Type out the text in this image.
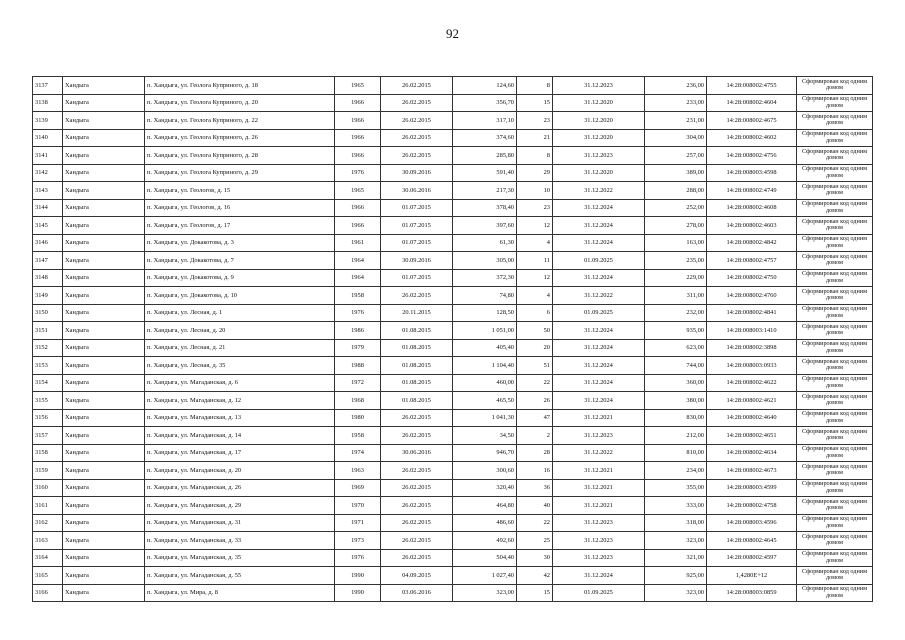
92
3137	Хандыга	п. Хандыга, ул. Геолога Куприного, д. 18	1965	26.02.2015	124,60	8	31.12.2023	236,00	14:28:008002:4755	Сформирован код одним домом
3138	Хандыга	п. Хандыга, ул. Геолога Куприного, д. 20	1966	26.02.2015	356,70	15	31.12.2020	233,00	14:28:008002:4604	Сформирован код одним домом
3139	Хандыга	п. Хандыга, ул. Геолога Куприного, д. 22	1966	26.02.2015	317,10	23	31.12.2020	231,00	14:28:008002:4675	Сформирован код одним домом
3140	Хандыга	п. Хандыга, ул. Геолога Куприного, д. 26	1966	26.02.2015	374,60	21	31.12.2020	304,00	14:28:008002:4602	Сформирован код одним домом
3141	Хандыга	п. Хандыга, ул. Геолога Куприного, д. 28	1966	26.02.2015	285,80	8	31.12.2023	257,00	14:28:008002:4756	Сформирован код одним домом
3142	Хандыга	п. Хандыга, ул. Геолога Куприного, д. 29	1976	30.09.2016	591,40	29	31.12.2020	389,00	14:28:008003:4598	Сформирован код одним домом
3143	Хандыга	п. Хандыга, ул. Геологов, д. 15	1965	30.06.2016	217,30	10	31.12.2022	288,00	14:28:008002:4749	Сформирован код одним домом
3144	Хандыга	п. Хандыга, ул. Геологов, д. 16	1966	01.07.2015	378,40	23	31.12.2024	252,00	14:28:008002:4608	Сформирован код одним домом
3145	Хандыга	п. Хандыга, ул. Геологов, д. 17	1966	01.07.2015	397,60	12	31.12.2024	278,00	14:28:008002:4603	Сформирован код одним домом
3146	Хандыга	п. Хандыга, ул. Докакотова, д. 3	1961	01.07.2015	61,30	4	31.12.2024	163,00	14:28:008002:4842	Сформирован код одним домом
3147	Хандыга	п. Хандыга, ул. Докакотова, д. 7	1964	30.09.2016	305,00	11	01.09.2025	235,00	14:28:008002:4757	Сформирован код одним домом
3148	Хандыга	п. Хандыга, ул. Докакотова, д. 9	1964	01.07.2015	372,30	12	31.12.2024	229,00	14:28:008002:4750	Сформирован код одним домом
3149	Хандыга	п. Хандыга, ул. Докакотова, д. 10	1958	26.02.2015	74,80	4	31.12.2022	311,00	14:28:008002:4760	Сформирован код одним домом
3150	Хандыга	п. Хандыга, ул. Лесная, д. 1	1976	20.11.2015	128,50	6	01.09.2025	232,00	14:28:008002:4841	Сформирован код одним домом
3151	Хандыга	п. Хандыга, ул. Лесная, д. 20	1986	01.08.2015	1 051,00	50	31.12.2024	935,00	14:28:008003:1410	Сформирован код одним домом
3152	Хандыга	п. Хандыга, ул. Лесная, д. 21	1979	01.08.2015	405,40	20	31.12.2024	623,00	14:28:008002:3898	Сформирован код одним домом
3153	Хандыга	п. Хандыга, ул. Лесная, д. 35	1988	01.08.2015	1 104,40	51	31.12.2024	744,00	14:28:008003:0933	Сформирован код одним домом
3154	Хандыга	п. Хандыга, ул. Магаданская, д. 6	1972	01.08.2015	460,00	22	31.12.2024	360,00	14:28:008002:4622	Сформирован код одним домом
3155	Хандыга	п. Хандыга, ул. Магаданская, д. 12	1968	01.08.2015	465,50	26	31.12.2024	380,00	14:28:008002:4621	Сформирован код одним домом
3156	Хандыга	п. Хандыга, ул. Магаданская, д. 13	1980	26.02.2015	1 041,30	47	31.12.2021	830,00	14:28:008002:4640	Сформирован код одним домом
3157	Хандыга	п. Хандыга, ул. Магаданская, д. 14	1958	26.02.2015	34,50	2	31.12.2023	212,00	14:28:008002:4651	Сформирован код одним домом
3158	Хандыга	п. Хандыга, ул. Магаданская, д. 17	1974	30.06.2016	946,70	28	31.12.2022	810,00	14:28:008002:4634	Сформирован код одним домом
3159	Хандыга	п. Хандыга, ул. Магаданская, д. 20	1963	26.02.2015	300,60	16	31.12.2021	234,00	14:28:008002:4673	Сформирован код одним домом
3160	Хандыга	п. Хандыга, ул. Магаданская, д. 26	1969	26.02.2015	320,40	36	31.12.2021	355,00	14:28:008003:4599	Сформирован код одним домом
3161	Хандыга	п. Хандыга, ул. Магаданская, д. 29	1970	26.02.2015	464,80	40	31.12.2021	333,00	14:28:008002:4758	Сформирован код одним домом
3162	Хандыга	п. Хандыга, ул. Магаданская, д. 31	1971	26.02.2015	486,60	22	31.12.2023	318,00	14:28:008003:4596	Сформирован код одним домом
3163	Хандыга	п. Хандыга, ул. Магаданская, д. 33	1973	26.02.2015	492,60	25	31.12.2023	323,00	14:28:008002:4645	Сформирован код одним домом
3164	Хандыга	п. Хандыга, ул. Магаданская, д. 35	1976	26.02.2015	504,40	30	31.12.2023	321,00	14:28:008002:4597	Сформирован код одним домом
3165	Хандыга	п. Хандыга, ул. Магаданская, д. 55	1990	04.09.2015	1 027,40	42	31.12.2024	925,00	1,4280E+12	Сформирован код одним домом
3166	Хандыга	п. Хандыга, ул. Мира, д. 8	1990	03.06.2016	323,00	15	01.09.2025	323,00	14:28:008003:0859	Сформирован код одним домом
